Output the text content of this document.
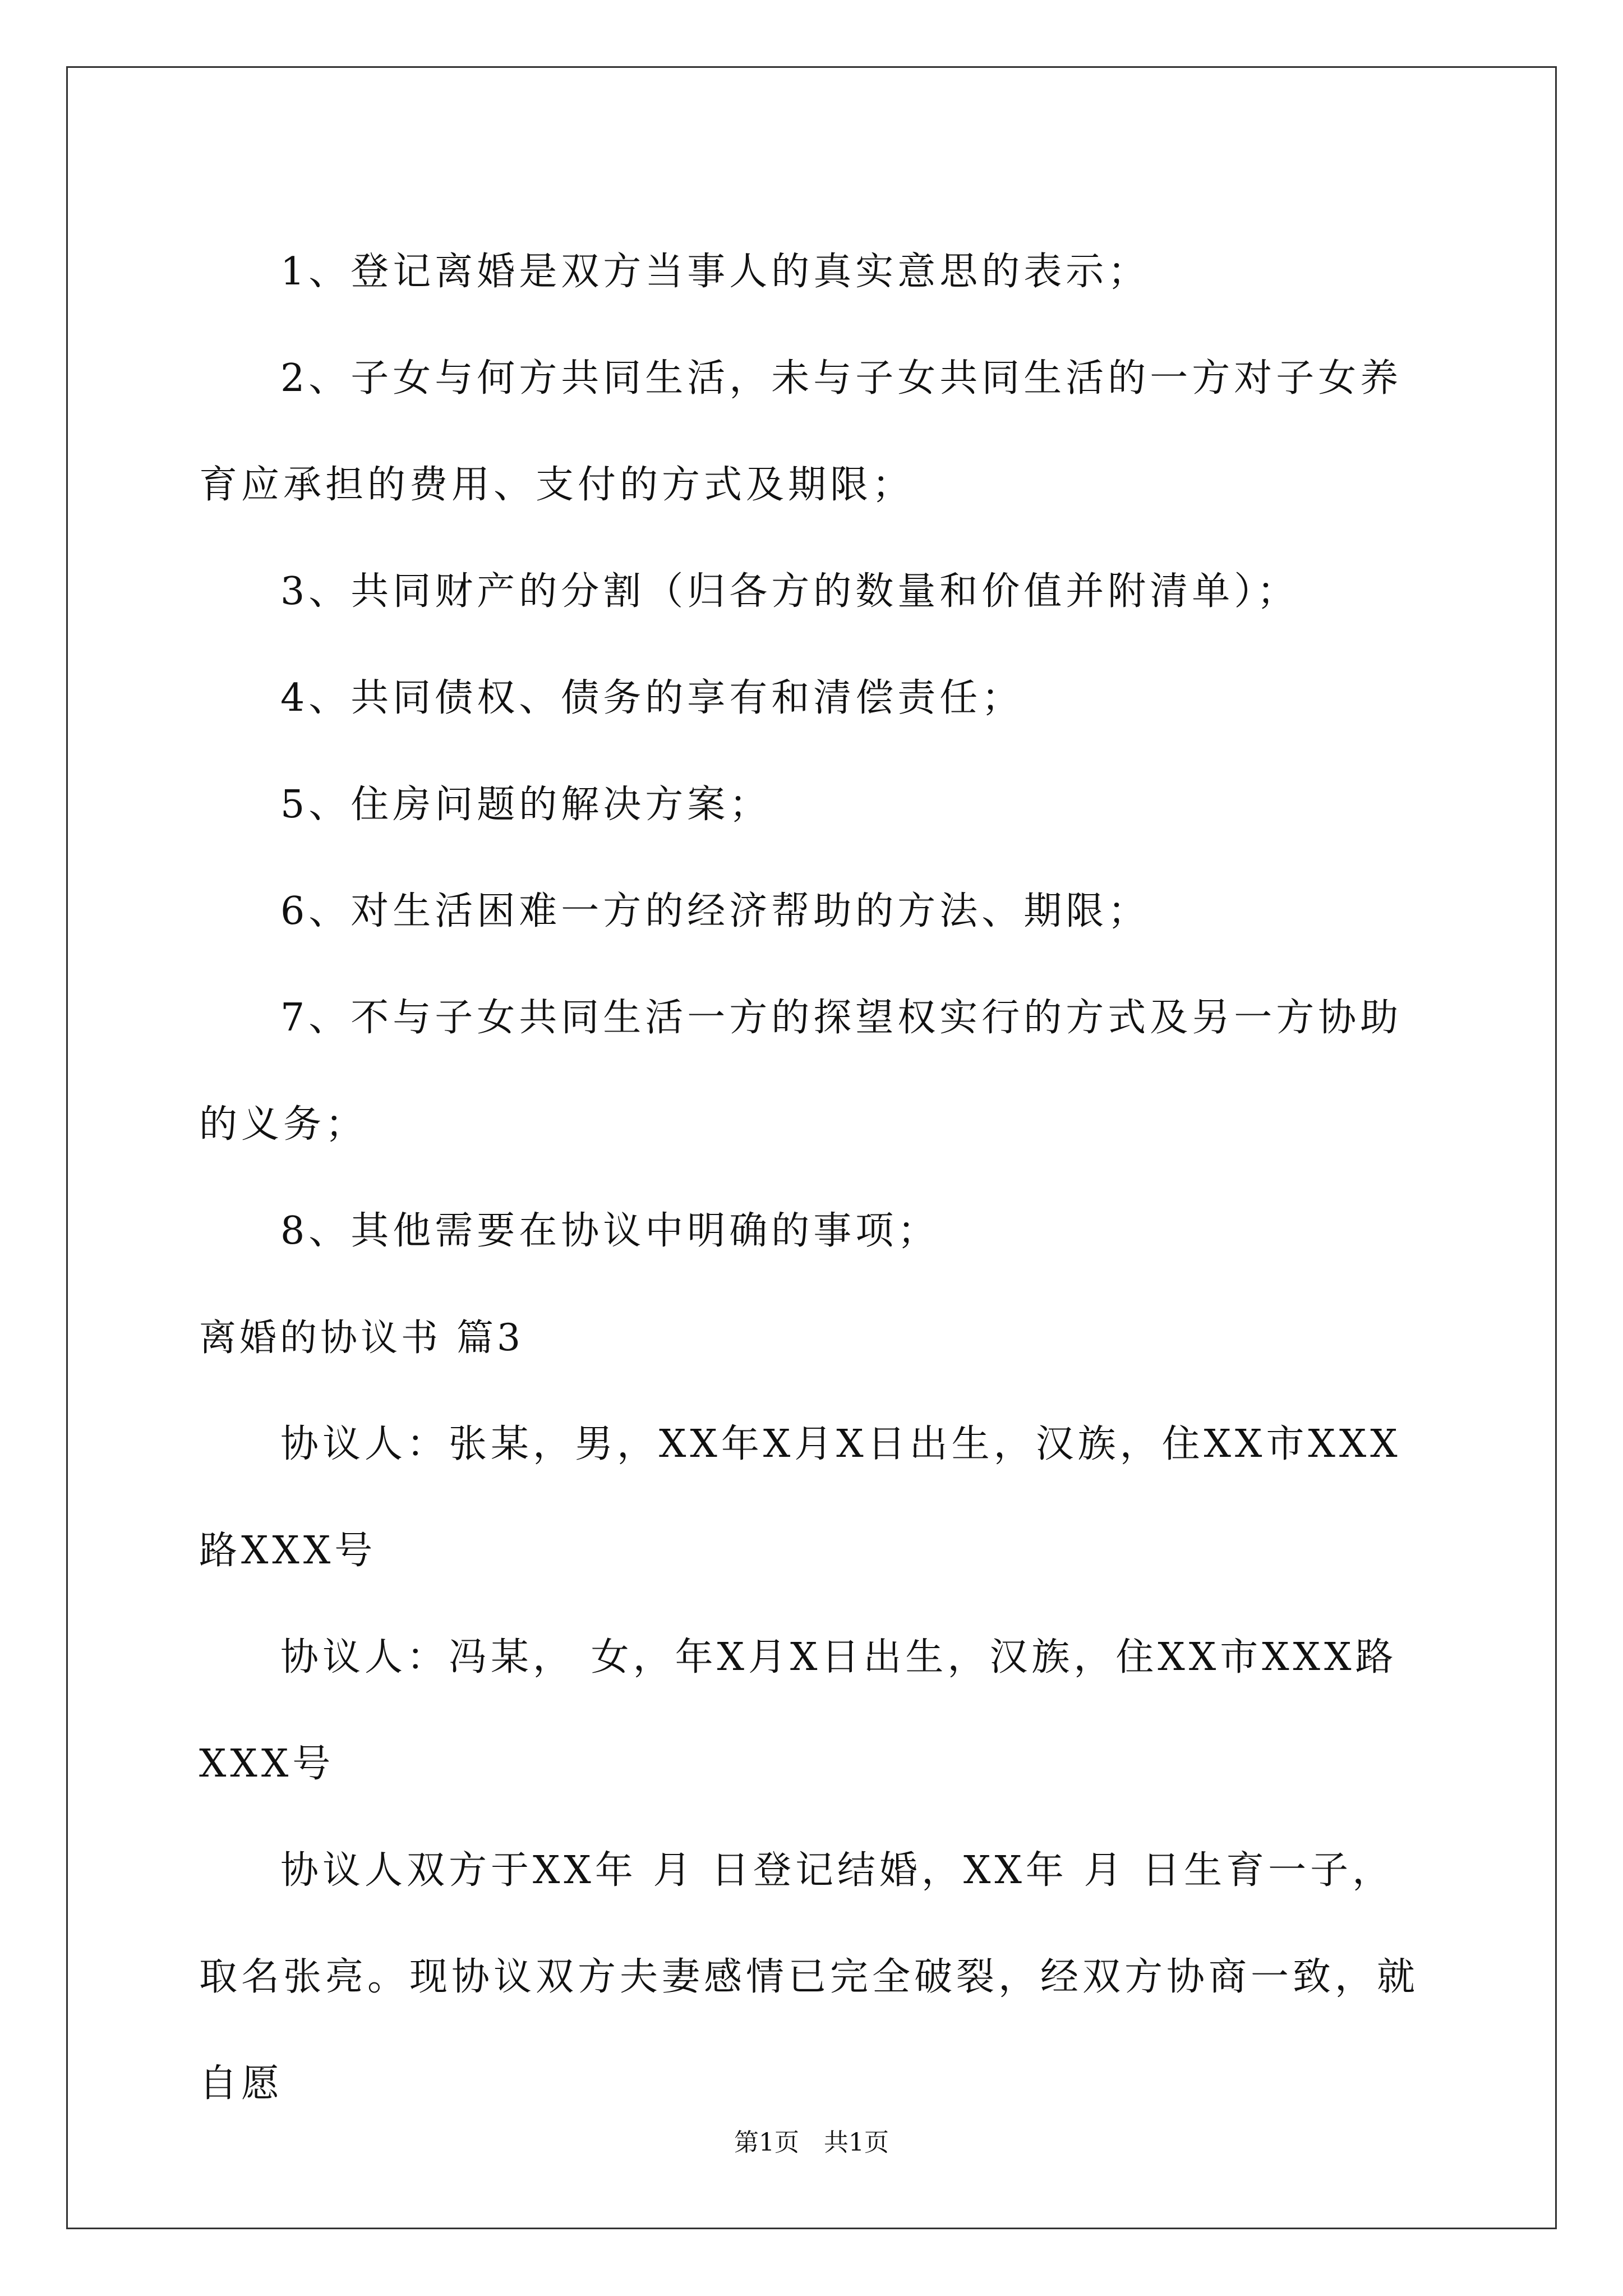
1、登记离婚是双方当事人的真实意思的表示；

2、子女与何方共同生活，未与子女共同生活的一方对子女养育应承担的费用、支付的方式及期限；

3、共同财产的分割（归各方的数量和价值并附清单）；

4、共同债权、债务的享有和清偿责任；

5、住房问题的解决方案；

6、对生活困难一方的经济帮助的方法、期限；

7、不与子女共同生活一方的探望权实行的方式及另一方协助的义务；

8、其他需要在协议中明确的事项；

离婚的协议书 篇3

协议人：张某，男，XX年X月X日出生，汉族，住XX市XXX路XXX号

协议人：冯某， 女，年X月X日出生，汉族，住XX市XXX路XXX号

协议人双方于XX年 月 日登记结婚，XX年 月 日生育一子，取名张亮。现协议双方夫妻感情已完全破裂，经双方协商一致，就自愿

第1页　共1页
